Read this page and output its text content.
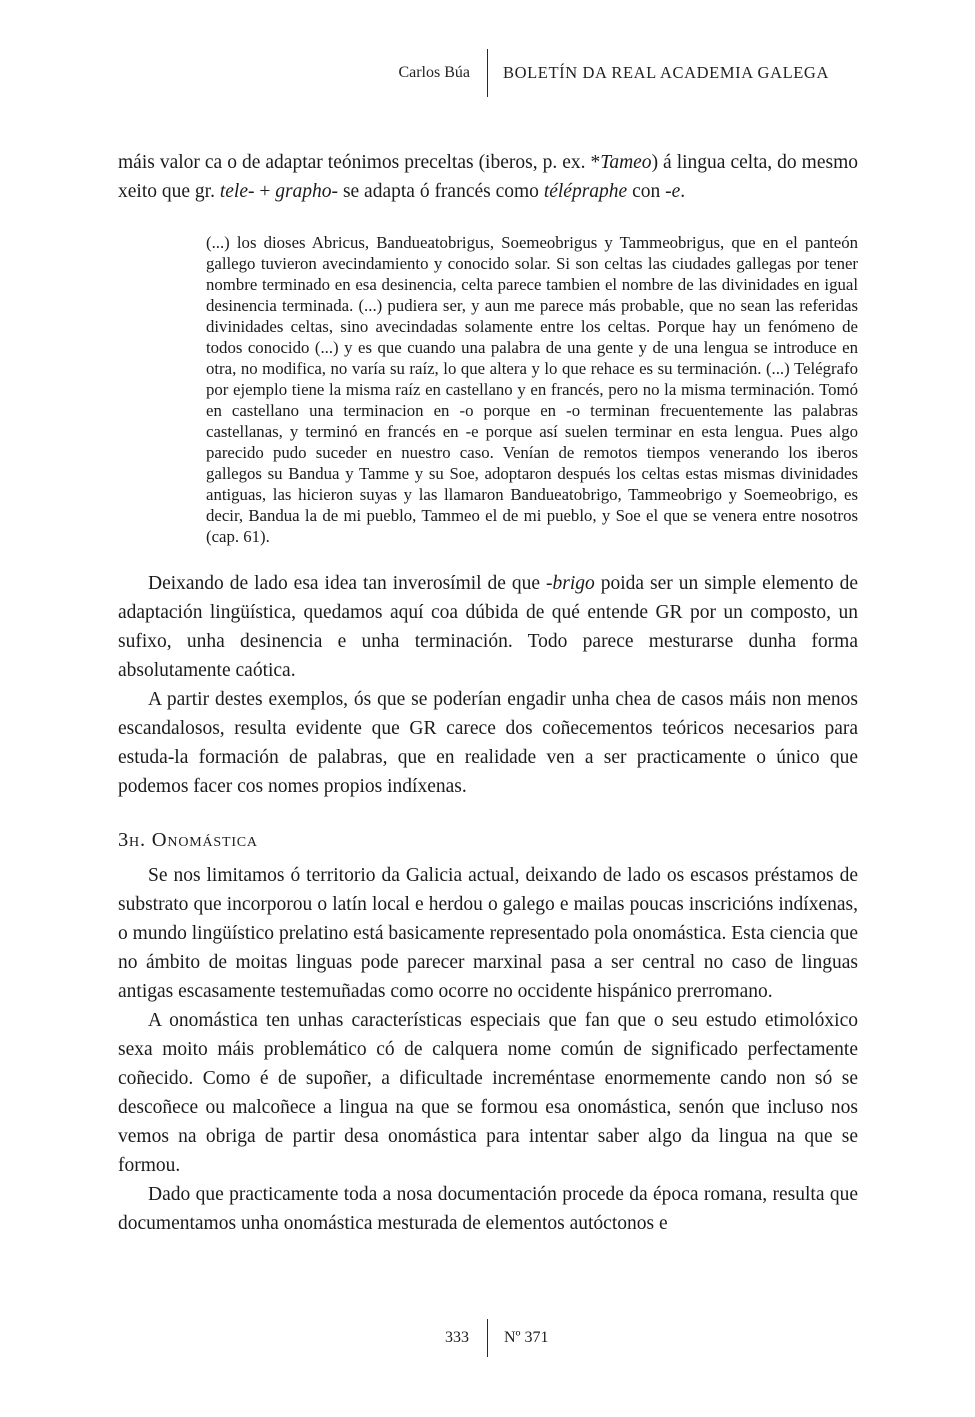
Carlos Búa	BOLETÍN DA REAL ACADEMIA GALEGA

máis valor ca o de adaptar teónimos preceltas (iberos, p. ex. *Tameo) á lingua celta, do mesmo xeito que gr. tele- + grapho- se adapta ó francés como télépraphe con -e.

(...) los dioses Abricus, Bandueatobrigus, Soemeobrigus y Tammeobrigus, que en el panteón gallego tuvieron avecindamiento y conocido solar. Si son celtas las ciudades gallegas por tener nombre terminado en esa desinencia, celta parece tambien el nombre de las divinidades en igual desinencia terminada. (...) pudiera ser, y aun me parece más probable, que no sean las referidas divinidades celtas, sino avecindadas solamente entre los celtas. Porque hay un fenómeno de todos conocido (...) y es que cuando una palabra de una gente y de una lengua se introduce en otra, no modifica, no varía su raíz, lo que altera y lo que rehace es su terminación. (...) Telégrafo por ejemplo tiene la misma raíz en castellano y en francés, pero no la misma terminación. Tomó en castellano una terminacion en -o porque en -o terminan frecuentemente las palabras castellanas, y terminó en francés en -e porque así suelen terminar en esta lengua. Pues algo parecido pudo suceder en nuestro caso. Venían de remotos tiempos venerando los iberos gallegos su Bandua y Tamme y su Soe, adoptaron después los celtas estas mismas divinidades antiguas, las hicieron suyas y las llamaron Bandueatobrigo, Tammeobrigo y Soemeobrigo, es decir, Bandua la de mi pueblo, Tammeo el de mi pueblo, y Soe el que se venera entre nosotros (cap. 61).

Deixando de lado esa idea tan inverosímil de que -brigo poida ser un simple elemento de adaptación lingüística, quedamos aquí coa dúbida de qué entende GR por un composto, un sufixo, unha desinencia e unha terminación. Todo parece mesturarse dunha forma absolutamente caótica.

A partir destes exemplos, ós que se poderían engadir unha chea de casos máis non menos escandalosos, resulta evidente que GR carece dos coñecementos teóricos necesarios para estuda-la formación de palabras, que en realidade ven a ser practicamente o único que podemos facer cos nomes propios indíxenas.

3h. Onomástica

Se nos limitamos ó territorio da Galicia actual, deixando de lado os escasos préstamos de substrato que incorporou o latín local e herdou o galego e mailas poucas inscricións indíxenas, o mundo lingüístico prelatino está basicamente representado pola onomástica. Esta ciencia que no ámbito de moitas linguas pode parecer marxinal pasa a ser central no caso de linguas antigas escasamente testemuñadas como ocorre no occidente hispánico prerromano.

A onomástica ten unhas características especiais que fan que o seu estudo etimolóxico sexa moito máis problemático có de calquera nome común de significado perfectamente coñecido. Como é de supoñer, a dificultade increméntase enormemente cando non só se descoñece ou malcoñece a lingua na que se formou esa onomástica, senón que incluso nos vemos na obriga de partir desa onomástica para intentar saber algo da lingua na que se formou.

Dado que practicamente toda a nosa documentación procede da época romana, resulta que documentamos unha onomástica mesturada de elementos autóctonos e

333	Nº 371
